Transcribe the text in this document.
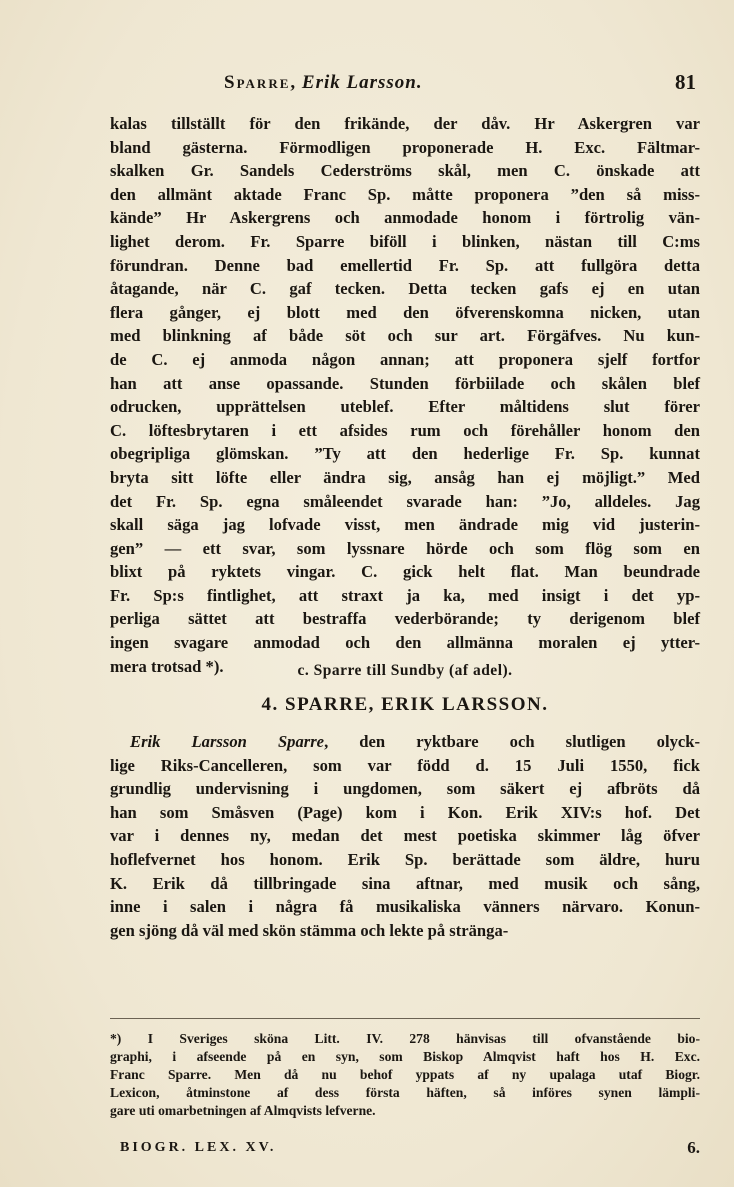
Sparre, Erik Larsson.	81
kalas tillställt för den frikände, der dåv. Hr Askergren var
bland gästerna. Förmodligen proponerade H. Exc. Fältmar-
skalken Gr. Sandels Cederströms skål, men C. önskade att
den allmänt aktade Franc Sp. måtte proponera ”den så miss-
kände” Hr Askergrens och anmodade honom i förtrolig vän-
lighet derom. Fr. Sparre biföll i blinken, nästan till C:ms
förundran. Denne bad emellertid Fr. Sp. att fullgöra detta
åtagande, när C. gaf tecken. Detta tecken gafs ej en utan
flera gånger, ej blott med den öfverenskomna nicken, utan
med blinkning af både söt och sur art. Förgäfves. Nu kun-
de C. ej anmoda någon annan; att proponera sjelf fortfor
han att anse opassande. Stunden förbiilade och skålen blef
odrucken, upprättelsen uteblef. Efter måltidens slut förer
C. löftesbrytaren i ett afsides rum och förehåller honom den
obegripliga glömskan. ”Ty att den hederlige Fr. Sp. kunnat
bryta sitt löfte eller ändra sig, ansåg han ej möjligt.” Med
det Fr. Sp. egna småleendet svarade han: ”Jo, alldeles. Jag
skall säga jag lofvade visst, men ändrade mig vid justerin-
gen” — ett svar, som lyssnare hörde och som flög som en
blixt på ryktets vingar. C. gick helt flat. Man beundrade
Fr. Sp:s fintlighet, att straxt ja ka, med insigt i det yp-
perliga sättet att bestraffa vederbörande; ty derigenom blef
ingen svagare anmodad och den allmänna moralen ej ytter-
mera trotsad *).	c. Sparre till Sundby (af adel).
4. SPARRE, ERIK LARSSON.
Erik Larsson Sparre, den ryktbare och slutligen olyck-
lige Riks-Cancelleren, som var född d. 15 Juli 1550, fick
grundlig undervisning i ungdomen, som säkert ej afbröts då
han som Småsven (Page) kom i Kon. Erik XIV:s hof. Det
var i dennes ny, medan det mest poetiska skimmer låg öfver
hoflefvernet hos honom. Erik Sp. berättade som äldre, huru
K. Erik då tillbringade sina aftnar, med musik och sång,
inne i salen i några få musikaliska vänners närvaro. Konun-
gen sjöng då väl med skön stämma och lekte på stränga-
*) I Sveriges sköna Litt. IV. 278 hänvisas till ofvanstående bio-
graphi, i afseende på en syn, som Biskop Almqvist haft hos H. Exc.
Franc Sparre. Men då nu behof yppats af ny upalaga utaf Biogr.
Lexicon, åtminstone af dess första häften, så införes synen lämpli-
gare uti omarbetningen af Almqvists lefverne.
BIOGR. LEX. XV.	6.
